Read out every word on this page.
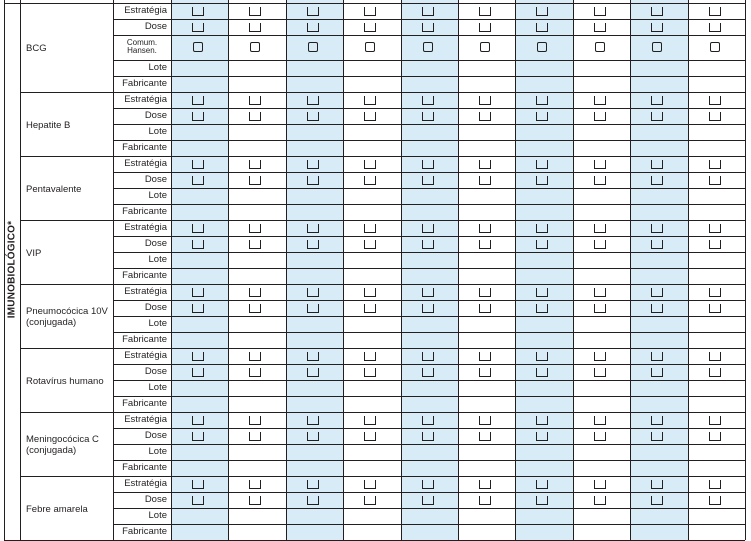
BCG
Estratégia
Dose
Comum.
Hansen.
Lote
Fabricante
Hepatite B
Estratégia
Dose
Lote
Fabricante
Pentavalente
Estratégia
Dose
Lote
Fabricante
VIP
Estratégia
Dose
Lote
Fabricante
Pneumocócica 10V
(conjugada)
Estratégia
Dose
Lote
Fabricante
Rotavírus humano
Estratégia
Dose
Lote
Fabricante
Meningocócica C
(conjugada)
Estratégia
Dose
Lote
Fabricante
Febre amarela
Estratégia
Dose
Lote
Fabricante
IMUNOBIOLÓGICO*
